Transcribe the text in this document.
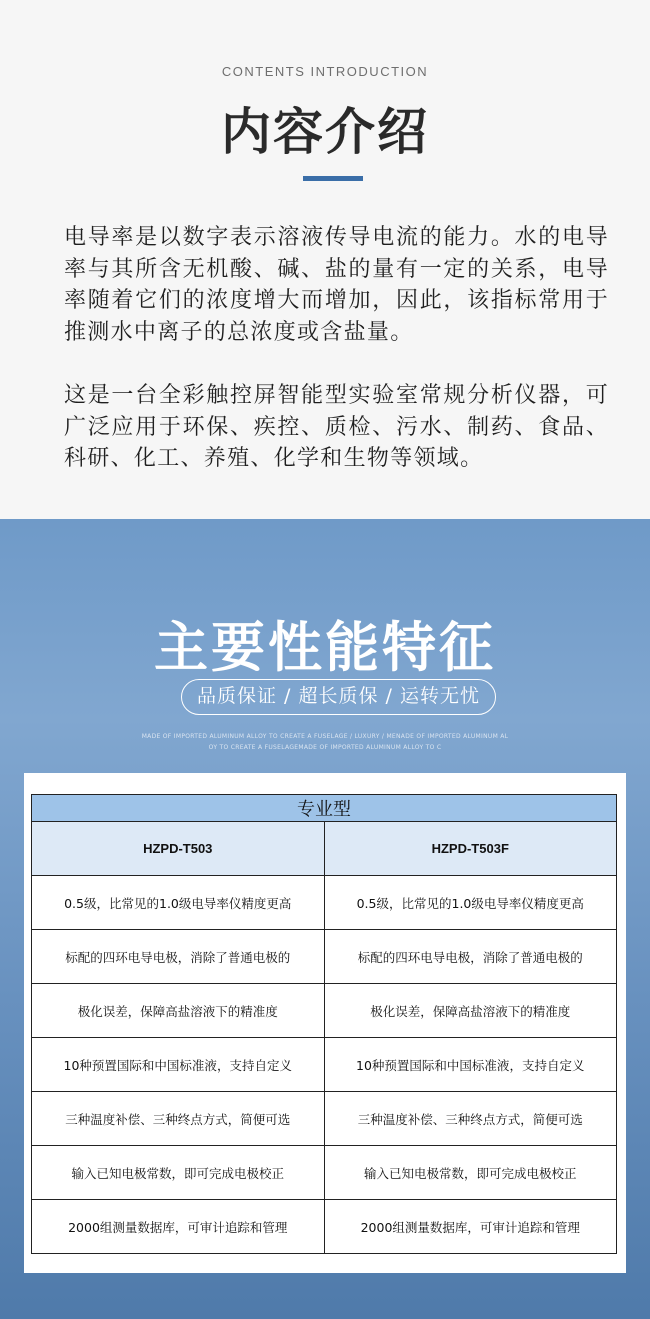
CONTENTS INTRODUCTION
内容介绍

电导率是以数字表示溶液传导电流的能力。水的电导率与其所含无机酸、碱、盐的量有一定的关系，电导率随着它们的浓度增大而增加，因此，该指标常用于推测水中离子的总浓度或含盐量。

这是一台全彩触控屏智能型实验室常规分析仪器，可广泛应用于环保、疾控、质检、污水、制药、食品、科研、化工、养殖、化学和生物等领域。

主要性能特征
品质保证 / 超长质保 / 运转无忧
MADE OF IMPORTED ALUMINUM ALLOY TO CREATE A FUSELAGE / LUXURY / MENADE OF IMPORTED ALUMINUM AL
OY TO CREATE A FUSELAGEMADE OF IMPORTED ALUMINUM ALLOY TO C
专业型	
HZPD-T503	HZPD-T503F
0.5级，比常见的1.0级电导率仪精度更高	0.5级，比常见的1.0级电导率仪精度更高
标配的四环电导电极，消除了普通电极的	标配的四环电导电极，消除了普通电极的
极化误差，保障高盐溶液下的精准度	极化误差，保障高盐溶液下的精准度
10种预置国际和中国标准液，支持自定义	10种预置国际和中国标准液，支持自定义
三种温度补偿、三种终点方式，简便可选	三种温度补偿、三种终点方式，简便可选
输入已知电极常数，即可完成电极校正	输入已知电极常数，即可完成电极校正
2000组测量数据库，可审计追踪和管理	2000组测量数据库，可审计追踪和管理
